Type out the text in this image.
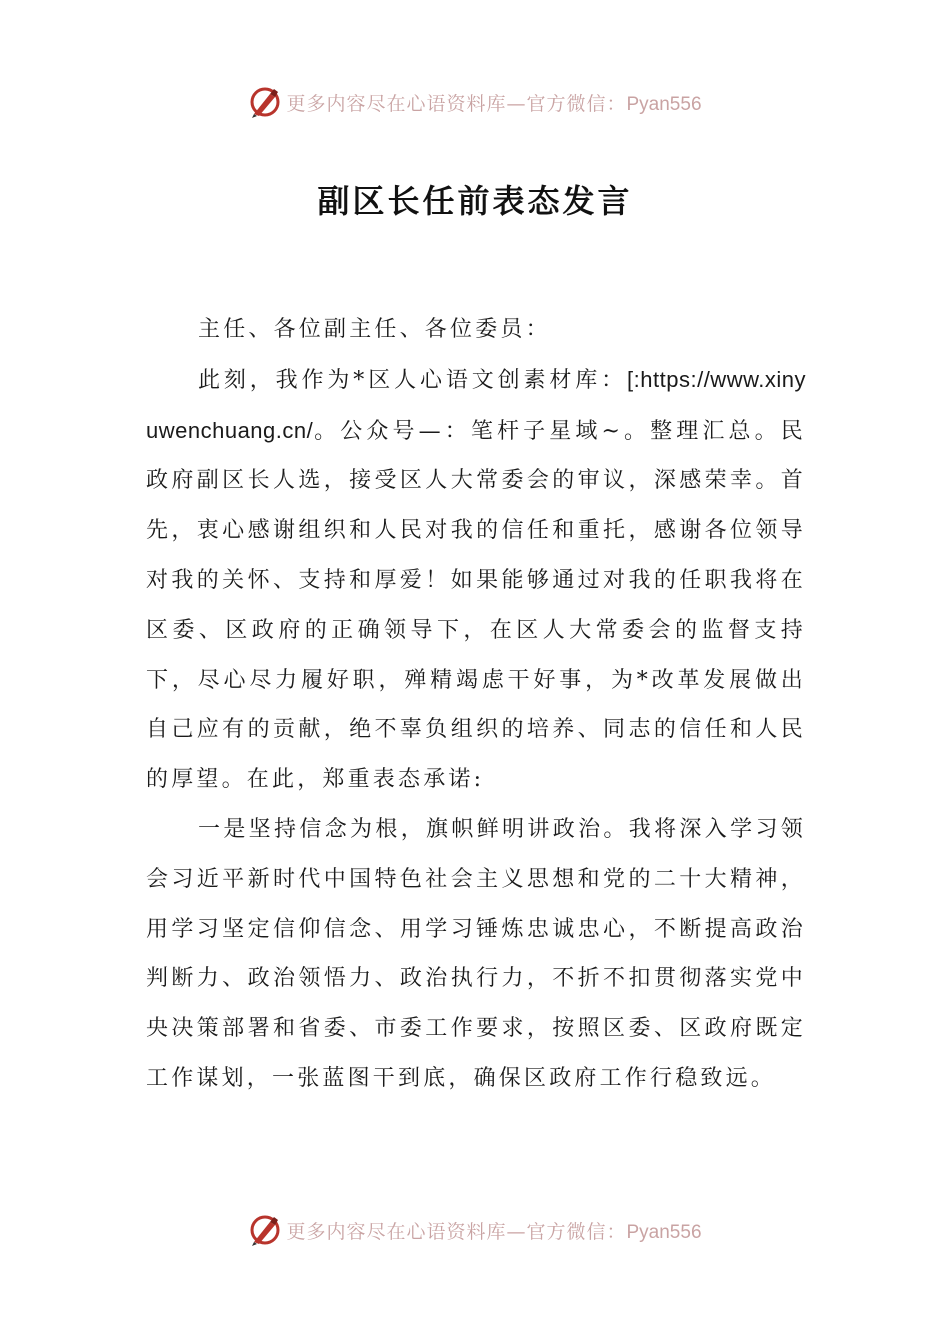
更多内容尽在心语资料库—官方微信：Pyan556
副区长任前表态发言

主任、各位副主任、各位委员：

此刻，我作为*区人心语文创素材库：[:https://www.xinyuwenchuang.cn/。公众号—：笔杆子星域~。整理汇总。民政府副区长人选，接受区人大常委会的审议，深感荣幸。首先，衷心感谢组织和人民对我的信任和重托，感谢各位领导对我的关怀、支持和厚爱！如果能够通过对我的任职我将在区委、区政府的正确领导下，在区人大常委会的监督支持下，尽心尽力履好职，殚精竭虑干好事，为*改革发展做出自己应有的贡献，绝不辜负组织的培养、同志的信任和人民的厚望。在此，郑重表态承诺:

一是坚持信念为根，旗帜鲜明讲政治。我将深入学习领会习近平新时代中国特色社会主义思想和党的二十大精神，用学习坚定信仰信念、用学习锤炼忠诚忠心，不断提高政治判断力、政治领悟力、政治执行力，不折不扣贯彻落实党中央决策部署和省委、市委工作要求，按照区委、区政府既定工作谋划，一张蓝图干到底，确保区政府工作行稳致远。

更多内容尽在心语资料库—官方微信：Pyan556
